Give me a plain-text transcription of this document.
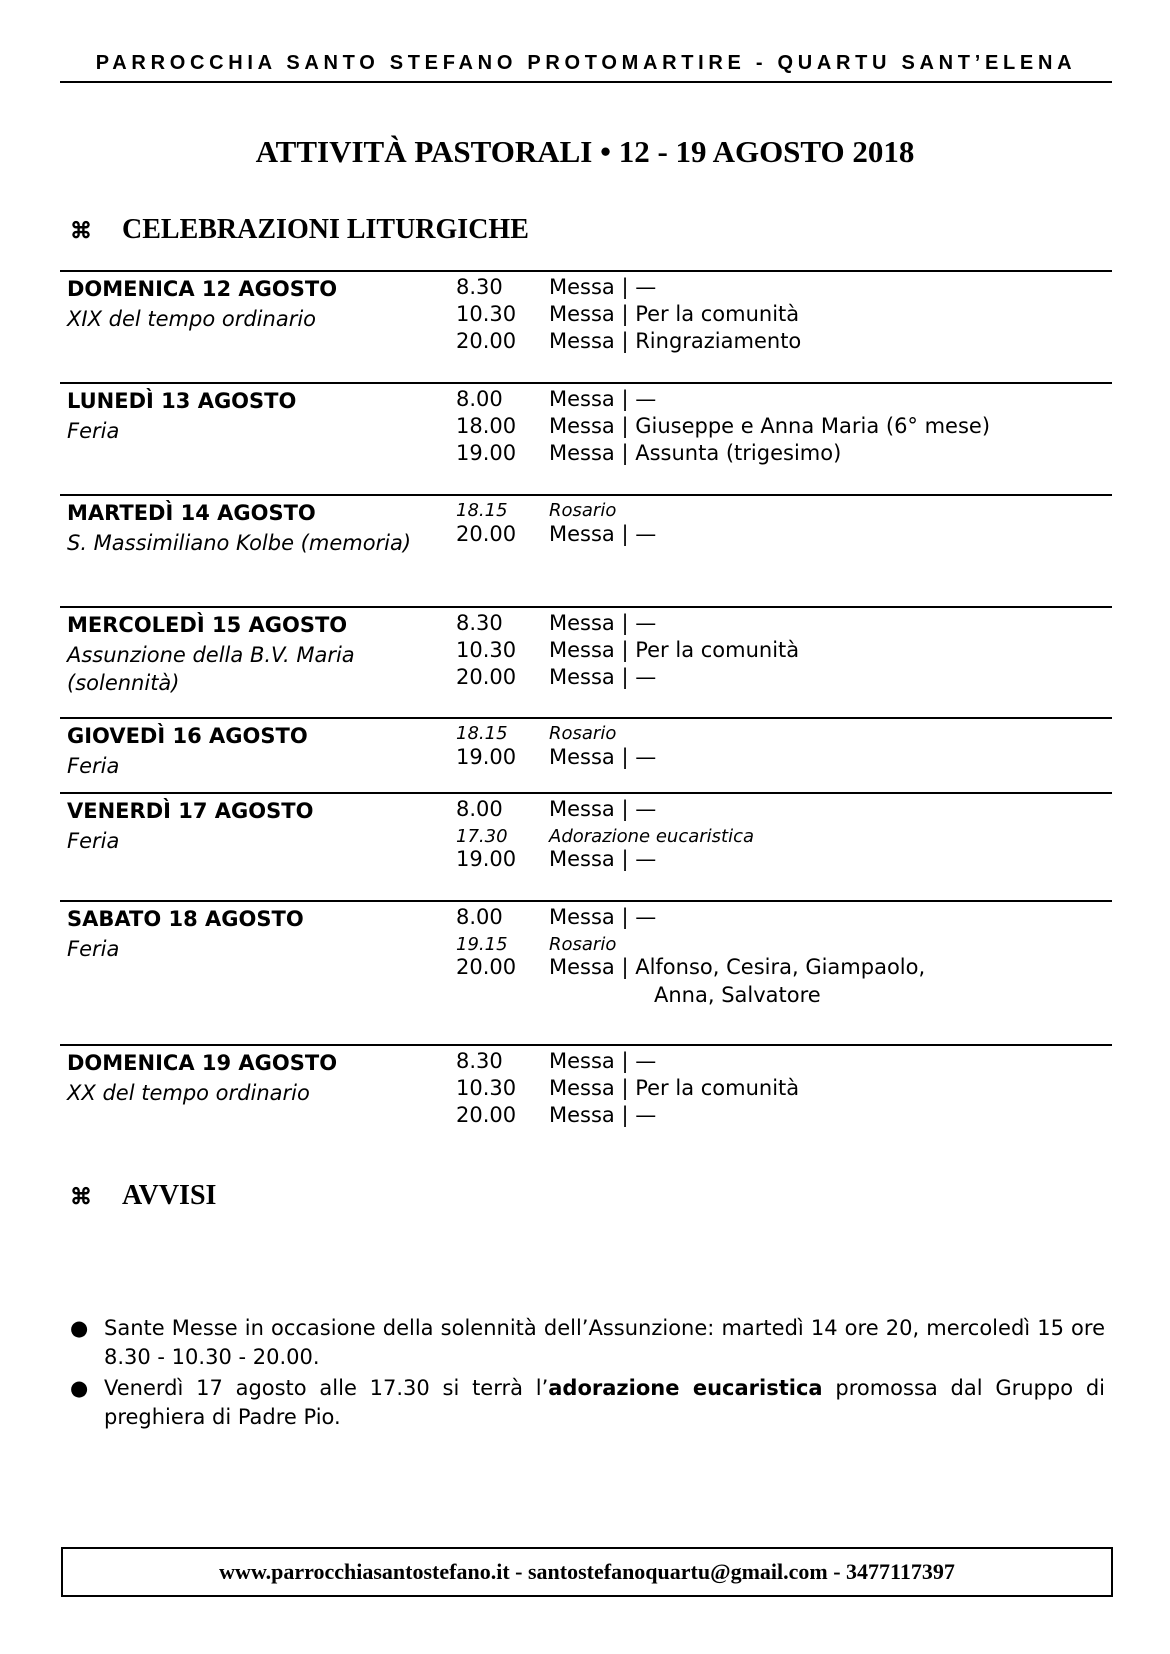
PARROCCHIA SANTO STEFANO PROTOMARTIRE - QUARTU SANT’ELENA
ATTIVITÀ PASTORALI • 12 - 19 AGOSTO 2018
⌘ CELEBRAZIONI LITURGICHE
DOMENICA 12 AGOSTO
XIX del tempo ordinario
8.30 Messa | —
10.30 Messa | Per la comunità
20.00 Messa | Ringraziamento
LUNEDÌ 13 AGOSTO
Feria
8.00 Messa | —
18.00 Messa | Giuseppe e Anna Maria (6° mese)
19.00 Messa | Assunta (trigesimo)
MARTEDÌ 14 AGOSTO
S. Massimiliano Kolbe (memoria)
18.15 Rosario
20.00 Messa | —
MERCOLEDÌ 15 AGOSTO
Assunzione della B.V. Maria (solennità)
8.30 Messa | —
10.30 Messa | Per la comunità
20.00 Messa | —
GIOVEDÌ 16 AGOSTO
Feria
18.15 Rosario
19.00 Messa | —
VENERDÌ 17 AGOSTO
Feria
8.00 Messa | —
17.30 Adorazione eucaristica
19.00 Messa | —
SABATO 18 AGOSTO
Feria
8.00 Messa | —
19.15 Rosario
20.00 Messa | Alfonso, Cesira, Giampaolo,
Anna, Salvatore
DOMENICA 19 AGOSTO
XX del tempo ordinario
8.30 Messa | —
10.30 Messa | Per la comunità
20.00 Messa | —
⌘ AVVISI
● Sante Messe in occasione della solennità dell’Assunzione: martedì 14 ore 20, mercoledì 15 ore 8.30 - 10.30 - 20.00.
● Venerdì 17 agosto alle 17.30 si terrà l’adorazione eucaristica promossa dal Gruppo di preghiera di Padre Pio.
www.parrocchiasantostefano.it - santostefanoquartu@gmail.com - 3477117397
